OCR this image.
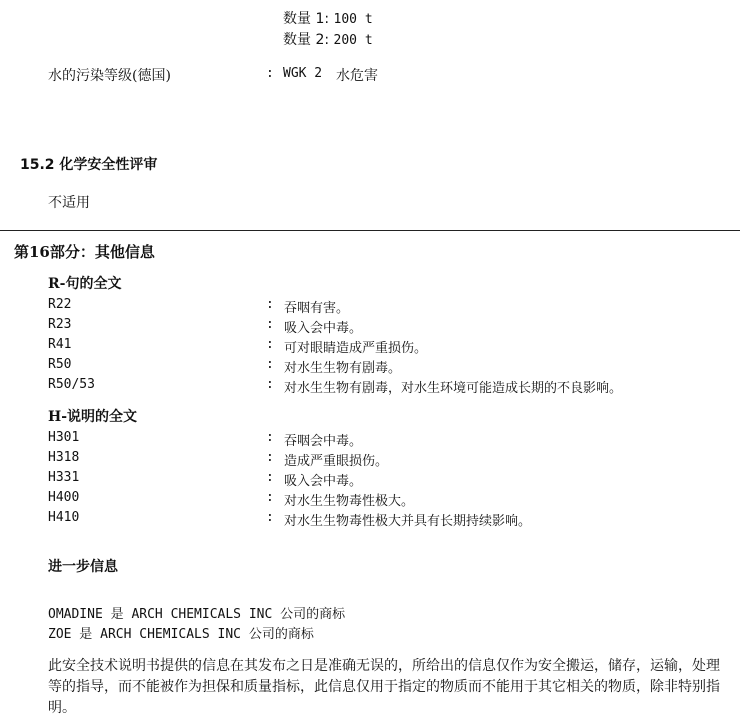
数量 1: 100 t
数量 2: 200 t
水的污染等级(德国)	: WGK 2 水危害
15.2 化学安全性评审
不适用
第16部分：其他信息
R-句的全文
R22	: 吞咽有害。
R23	: 吸入会中毒。
R41	: 可对眼睛造成严重损伤。
R50	: 对水生生物有剧毒。
R50/53	: 对水生生物有剧毒，对水生环境可能造成长期的不良影响。
H-说明的全文
H301	: 吞咽会中毒。
H318	: 造成严重眼损伤。
H331	: 吸入会中毒。
H400	: 对水生生物毒性极大。
H410	: 对水生生物毒性极大并具有长期持续影响。
进一步信息
OMADINE 是 ARCH CHEMICALS INC 公司的商标
ZOE 是 ARCH CHEMICALS INC 公司的商标
此安全技术说明书提供的信息在其发布之日是准确无误的，所给出的信息仅作为安全搬运，储存，运输，处理等的指导，而不能被作为担保和质量指标，此信息仅用于指定的物质而不能用于其它相关的物质，除非特别指明。
